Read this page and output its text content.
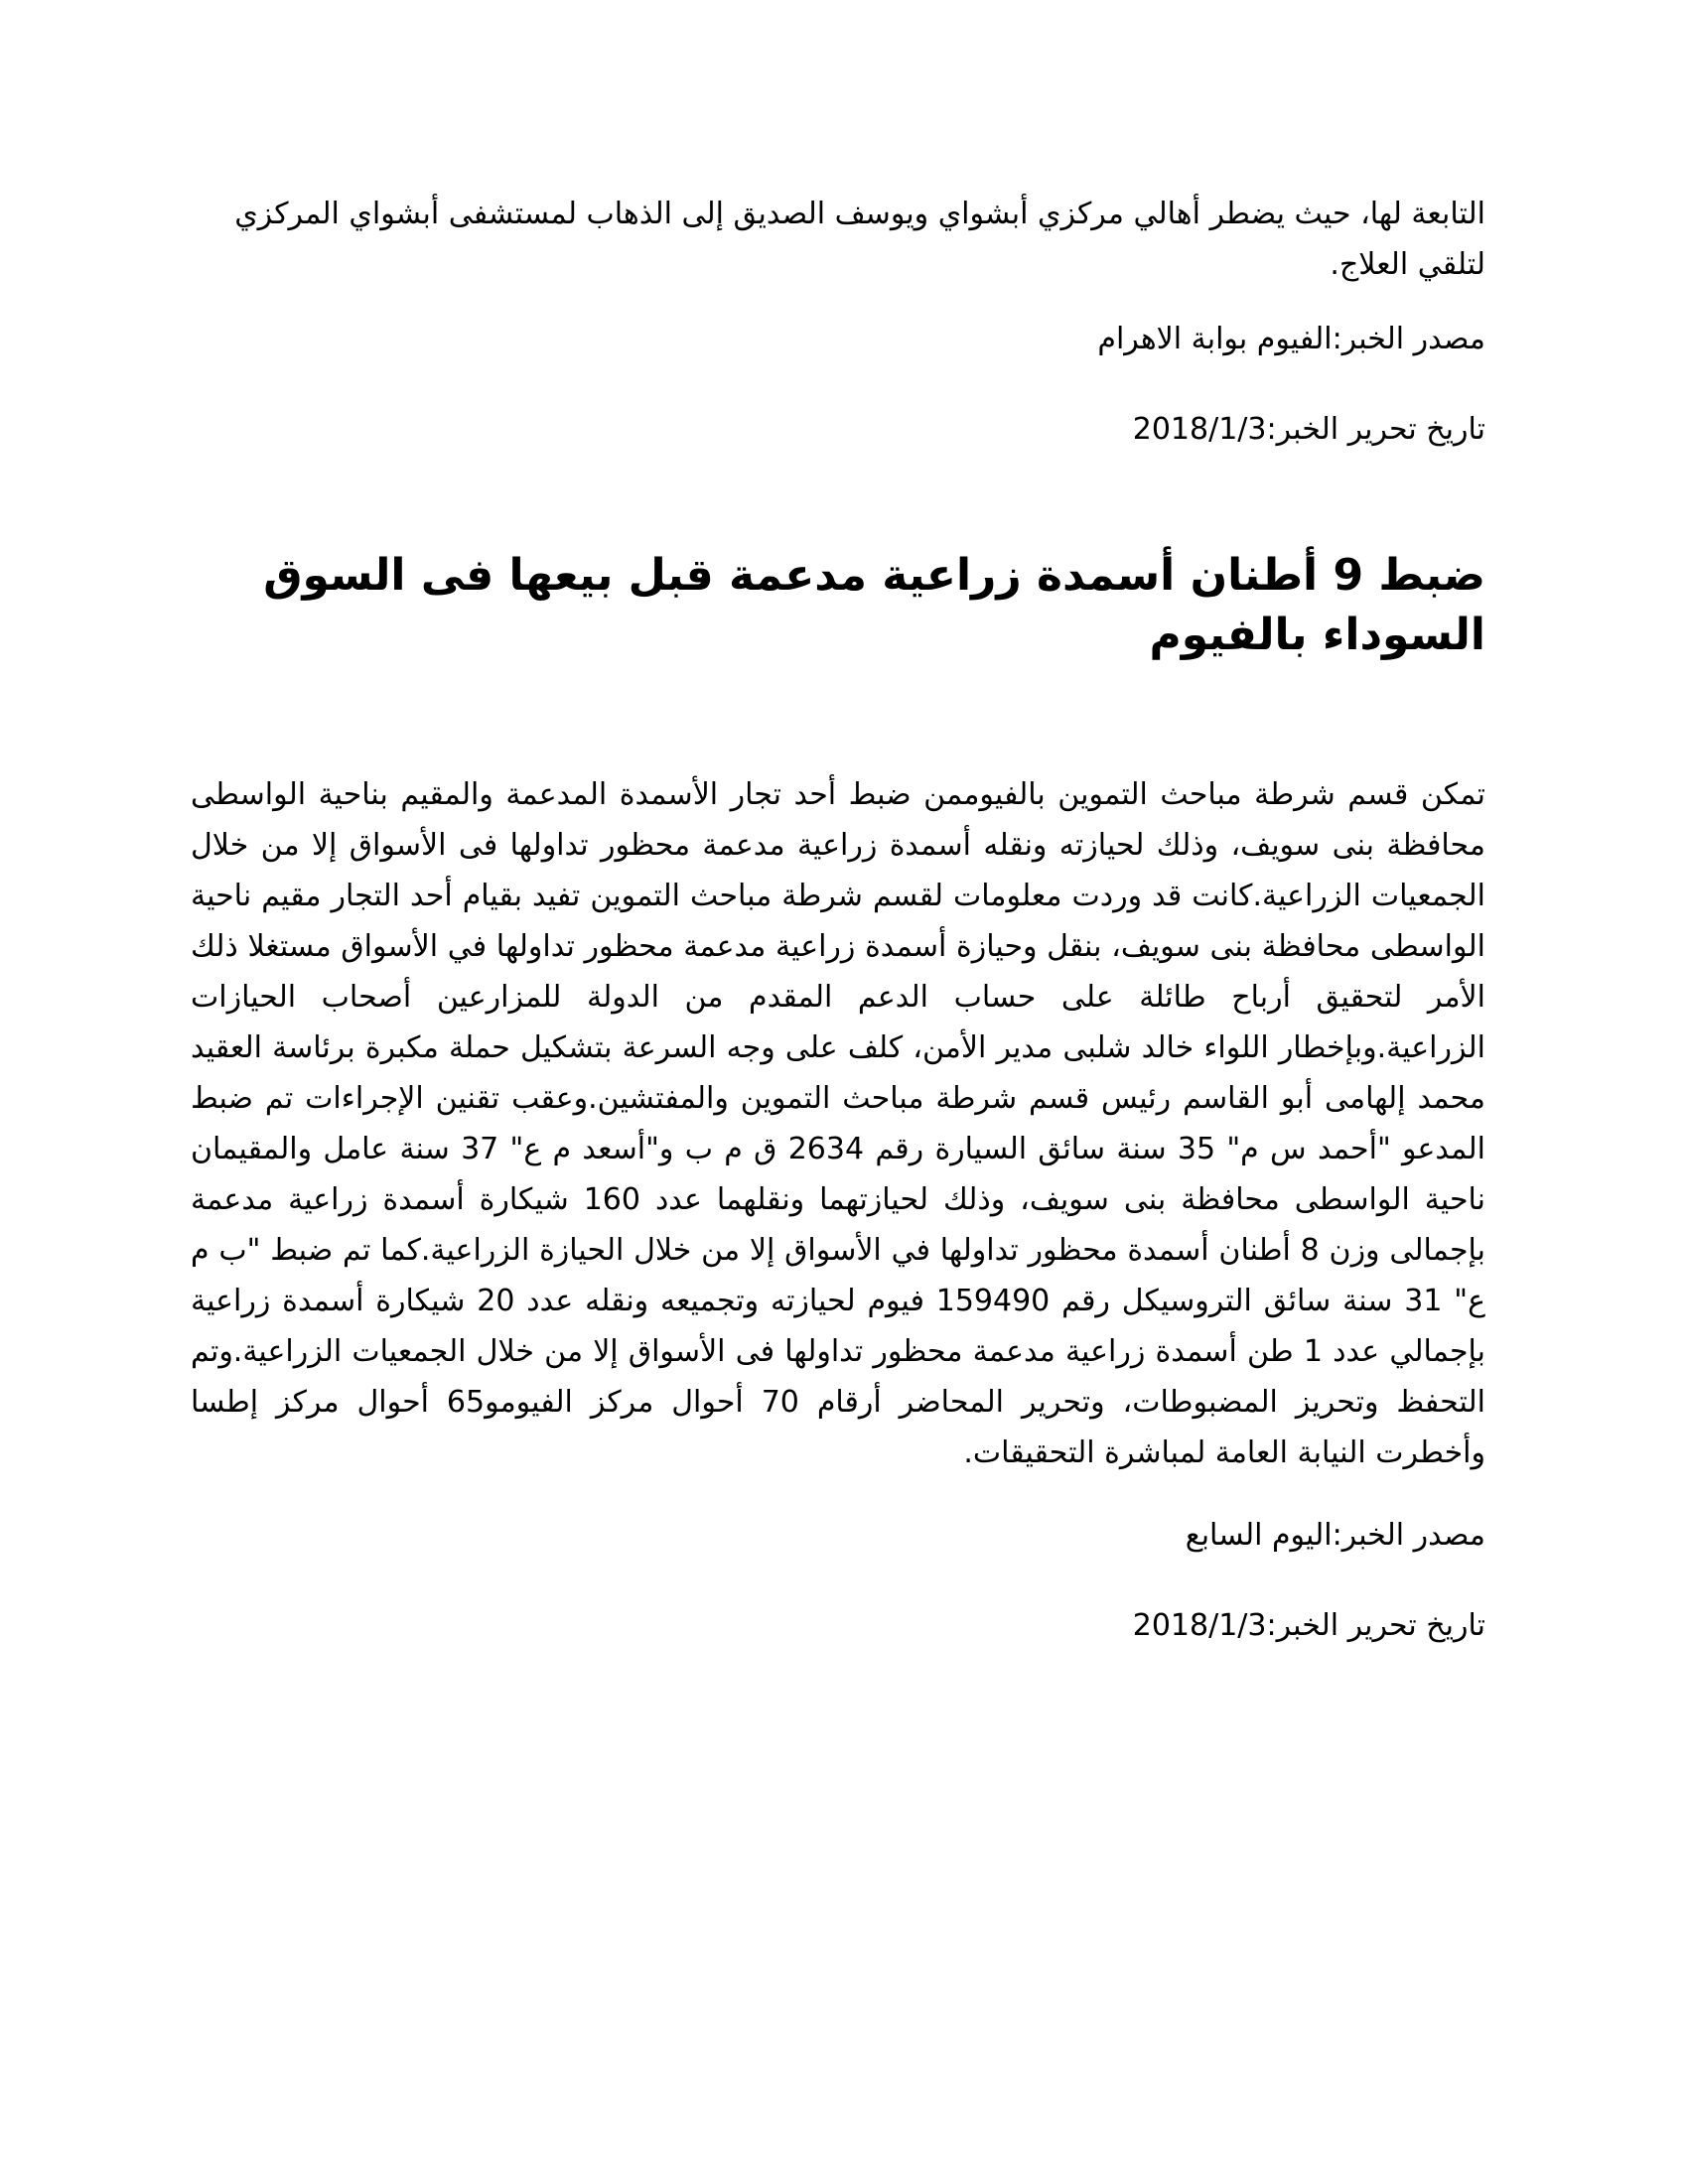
التابعة لها، حيث يضطر أهالي مركزي أبشواي ويوسف الصديق إلى الذهاب لمستشفى أبشواي المركزي لتلقي العلاج.

مصدر الخبر:الفيوم بوابة الاهرام

تاريخ تحرير الخبر:2018/1/3

ضبط 9 أطنان أسمدة زراعية مدعمة قبل بيعها فى السوق السوداء بالفيوم

تمكن قسم شرطة مباحث التموين بالفيوممن ضبط أحد تجار الأسمدة المدعمة والمقيم بناحية الواسطى محافظة بنى سويف، وذلك لحيازته ونقله أسمدة زراعية مدعمة محظور تداولها فى الأسواق إلا من خلال الجمعيات الزراعية.كانت قد وردت معلومات لقسم شرطة مباحث التموين تفيد بقيام أحد التجار مقيم ناحية الواسطى محافظة بنى سويف، بنقل وحيازة أسمدة زراعية مدعمة محظور تداولها في الأسواق مستغلا ذلك الأمر لتحقيق أرباح طائلة على حساب الدعم المقدم من الدولة للمزارعين أصحاب الحيازات الزراعية.وبإخطار اللواء خالد شلبى مدير الأمن، كلف على وجه السرعة بتشكيل حملة مكبرة برئاسة العقيد محمد إلهامى أبو القاسم رئيس قسم شرطة مباحث التموين والمفتشين.وعقب تقنين الإجراءات تم ضبط المدعو "أحمد س م" 35 سنة سائق السيارة رقم 2634 ق م ب و"أسعد م ع" 37 سنة عامل والمقيمان ناحية الواسطى محافظة بنى سويف، وذلك لحيازتهما ونقلهما عدد 160 شيكارة أسمدة زراعية مدعمة بإجمالى وزن 8 أطنان أسمدة محظور تداولها في الأسواق إلا من خلال الحيازة الزراعية.كما تم ضبط "ب م ع" 31 سنة سائق التروسيكل رقم 159490 فيوم لحيازته وتجميعه ونقله عدد 20 شيكارة أسمدة زراعية بإجمالي عدد 1 طن أسمدة زراعية مدعمة محظور تداولها فى الأسواق إلا من خلال الجمعيات الزراعية.وتم التحفظ وتحريز المضبوطات، وتحرير المحاضر أرقام 70 أحوال مركز الفيومو65 أحوال مركز إطسا وأخطرت النيابة العامة لمباشرة التحقيقات.

مصدر الخبر:اليوم السابع

تاريخ تحرير الخبر:2018/1/3
